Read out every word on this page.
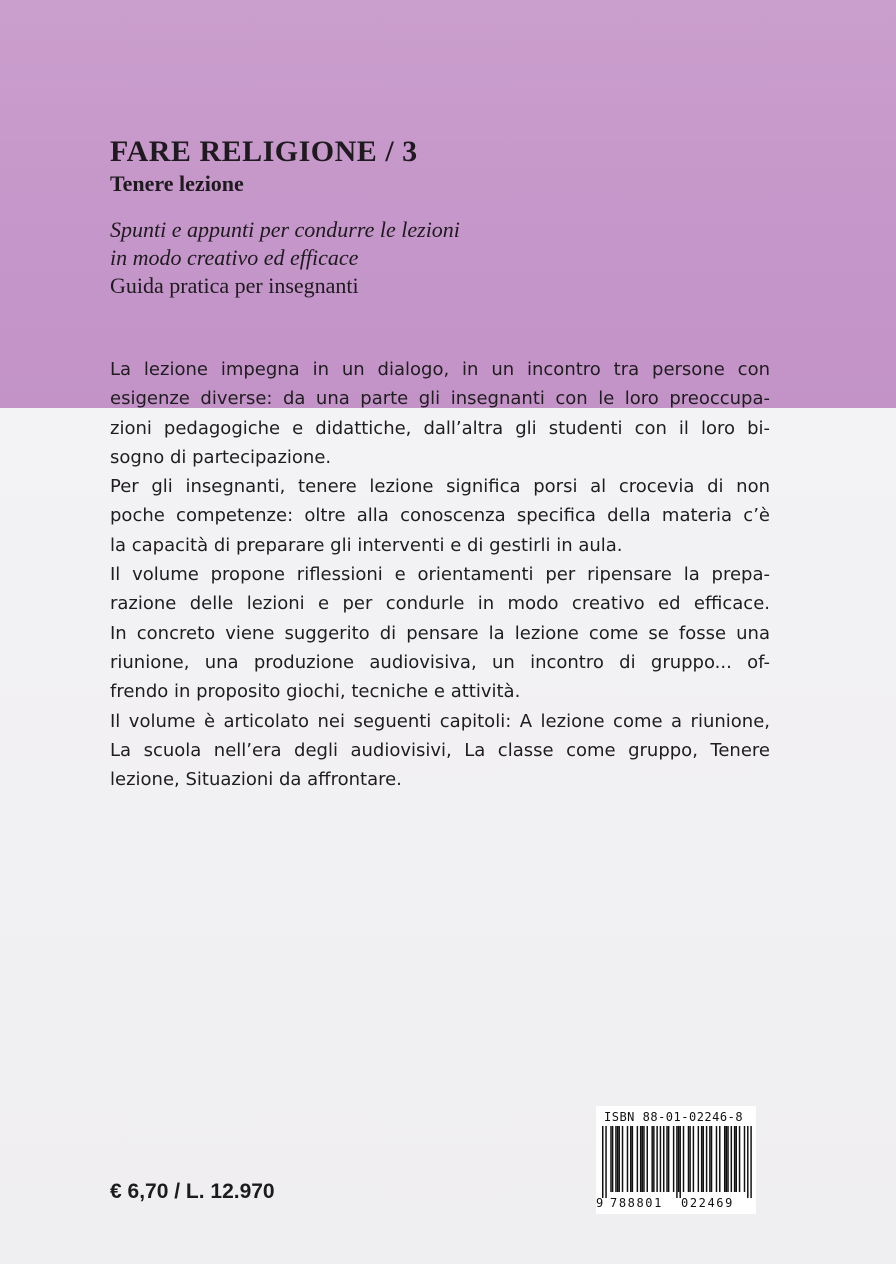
FARE RELIGIONE / 3
Tenere lezione
Spunti e appunti per condurre le lezioni
in modo creativo ed efficace
Guida pratica per insegnanti
La lezione impegna in un dialogo, in un incontro tra persone con
esigenze diverse: da una parte gli insegnanti con le loro preoccupa-
zioni pedagogiche e didattiche, dall’altra gli studenti con il loro bi-
sogno di partecipazione.
Per gli insegnanti, tenere lezione significa porsi al crocevia di non
poche competenze: oltre alla conoscenza specifica della materia c’è
la capacità di preparare gli interventi e di gestirli in aula.
Il volume propone riflessioni e orientamenti per ripensare la prepa-
razione delle lezioni e per condurle in modo creativo ed efficace.
In concreto viene suggerito di pensare la lezione come se fosse una
riunione, una produzione audiovisiva, un incontro di gruppo... of-
frendo in proposito giochi, tecniche e attività.
Il volume è articolato nei seguenti capitoli: A lezione come a riunione,
La scuola nell’era degli audiovisivi, La classe come gruppo, Tenere
lezione, Situazioni da affrontare.
€ 6,70 / L. 12.970
ISBN 88-01-02246-8
9 788801 022469
